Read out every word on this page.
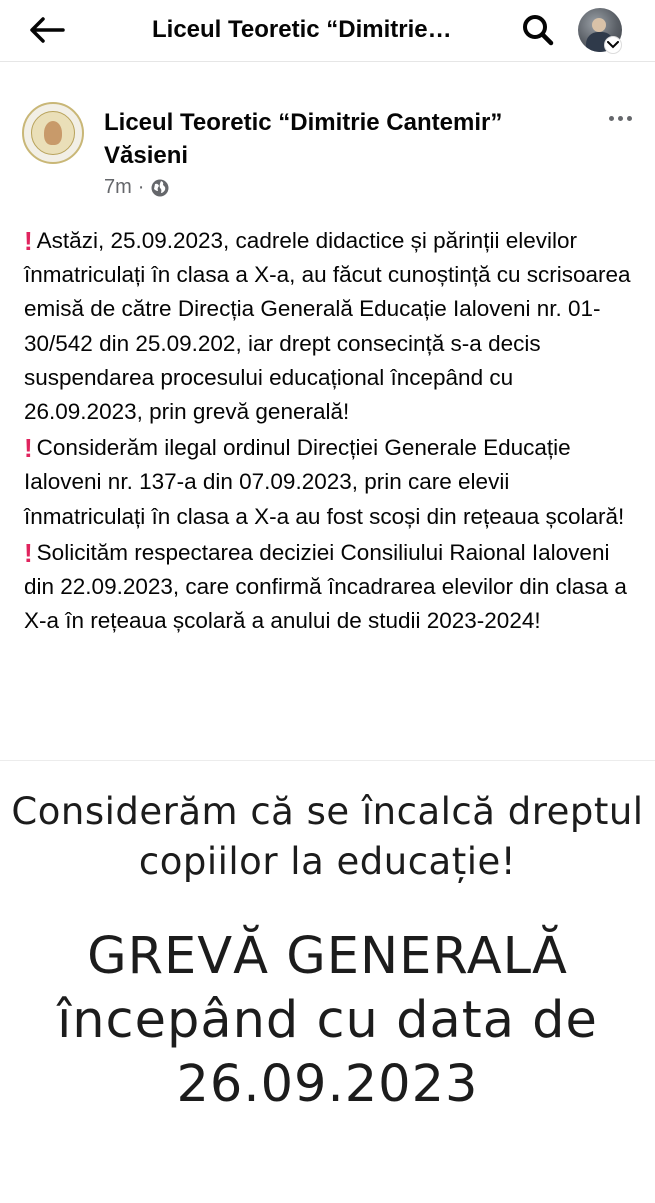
Liceul Teoretic “Dimitrie…
Liceul Teoretic “Dimitrie Cantemir” Văsieni
7m ·

! Astăzi, 25.09.2023, cadrele didactice și părinții elevilor înmatriculați în clasa a X-a, au făcut cunoștință cu scrisoarea emisă de către Direcția Generală Educație Ialoveni nr. 01-30/542 din 25.09.202, iar drept consecință s-a decis suspendarea procesului educațional începând cu 26.09.2023, prin grevă generală!

! Considerăm ilegal ordinul Direcției Generale Educație Ialoveni nr. 137-a din 07.09.2023, prin care elevii înmatriculați în clasa a X-a au fost scoși din rețeaua școlară!

! Solicităm respectarea deciziei Consiliului Raional Ialoveni din 22.09.2023, care confirmă încadrarea elevilor din clasa a X-a în rețeaua școlară a anului de studii 2023-2024!

Considerăm că se încalcă dreptul copiilor la educație!
GREVĂ GENERALĂ începând cu data de 26.09.2023
